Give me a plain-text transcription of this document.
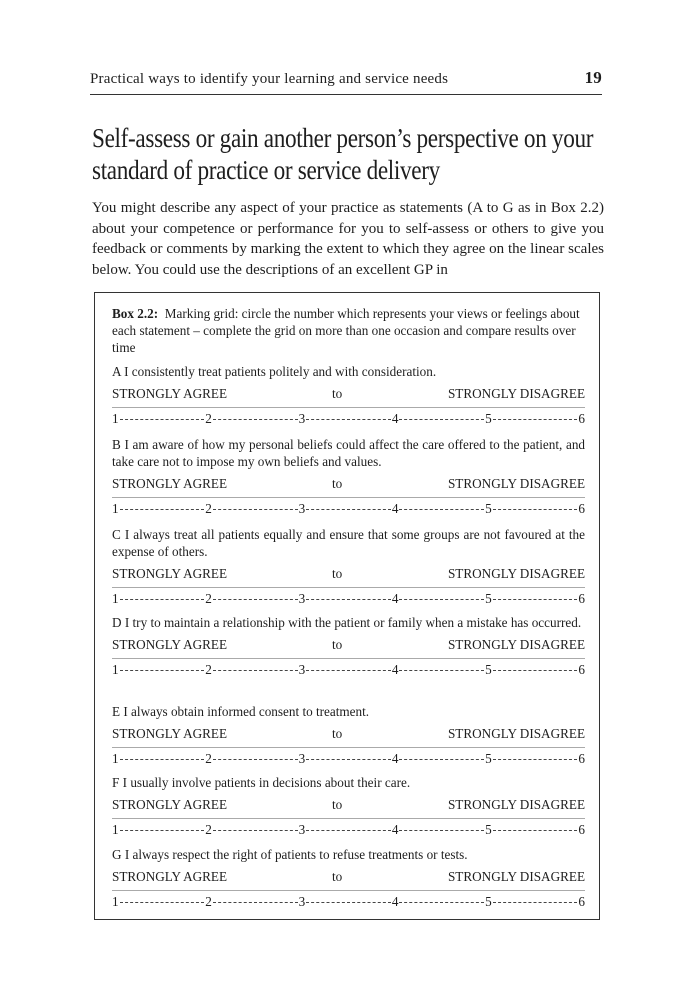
Practical ways to identify your learning and service needs	19
Self-assess or gain another person’s perspective on your standard of practice or service delivery

You might describe any aspect of your practice as statements (A to G as in Box 2.2) about your competence or performance for you to self-assess or others to give you feedback or comments by marking the extent to which they agree on the linear scales below. You could use the descriptions of an excellent GP in

Box 2.2: Marking grid: circle the number which represents your views or feelings about each statement – complete the grid on more than one occasion and compare results over time

A I consistently treat patients politely and with consideration.

STRONGLY AGREE	to	STRONGLY DISAGREE
1	2	3	4	5	6

B I am aware of how my personal beliefs could affect the care offered to the patient, and take care not to impose my own beliefs and values.

STRONGLY AGREE	to	STRONGLY DISAGREE
1	2	3	4	5	6

C I always treat all patients equally and ensure that some groups are not favoured at the expense of others.

STRONGLY AGREE	to	STRONGLY DISAGREE
1	2	3	4	5	6

D I try to maintain a relationship with the patient or family when a mistake has occurred.

STRONGLY AGREE	to	STRONGLY DISAGREE
1	2	3	4	5	6

E I always obtain informed consent to treatment.

STRONGLY AGREE	to	STRONGLY DISAGREE
1	2	3	4	5	6

F I usually involve patients in decisions about their care.

STRONGLY AGREE	to	STRONGLY DISAGREE
1	2	3	4	5	6

G I always respect the right of patients to refuse treatments or tests.

STRONGLY AGREE	to	STRONGLY DISAGREE
1	2	3	4	5	6
